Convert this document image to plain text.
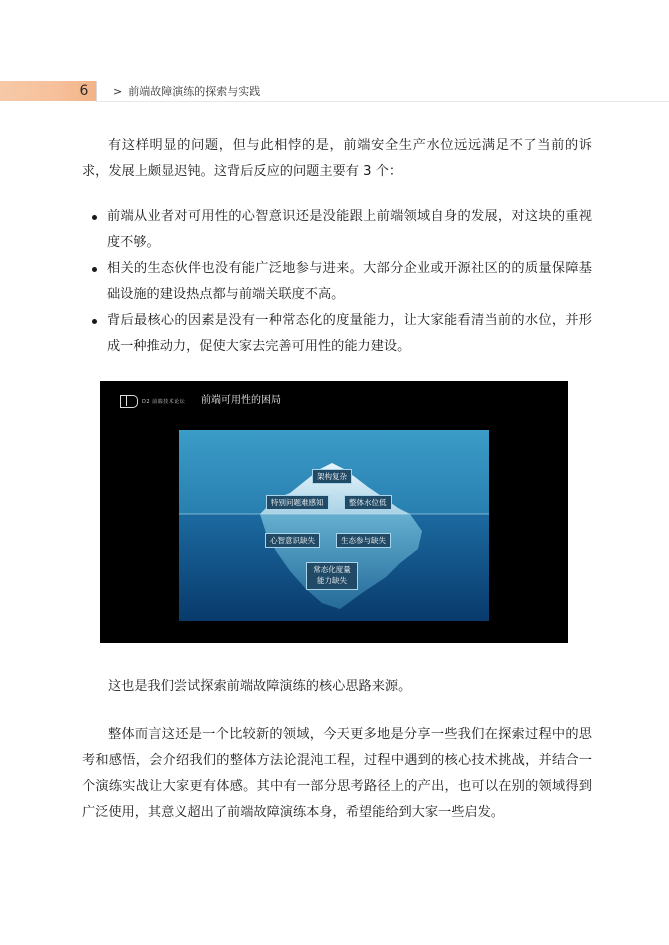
6	> 前端故障演练的探索与实践
有这样明显的问题，但与此相悖的是，前端安全生产水位远远满足不了当前的诉求，发展上颇显迟钝。这背后反应的问题主要有 3 个：
前端从业者对可用性的心智意识还是没能跟上前端领域自身的发展，对这块的重视度不够。
相关的生态伙伴也没有能广泛地参与进来。大部分企业或开源社区的的质量保障基础设施的建设热点都与前端关联度不高。
背后最核心的因素是没有一种常态化的度量能力，让大家能看清当前的水位，并形成一种推动力，促使大家去完善可用性的能力建设。
D2 前端技术论坛 前端可用性的困局
架构复杂
特别问题难感知	整体水位低
心智意识缺失	生态参与缺失
常态化度量能力缺失
这也是我们尝试探索前端故障演练的核心思路来源。
整体而言这还是一个比较新的领域，今天更多地是分享一些我们在探索过程中的思考和感悟，会介绍我们的整体方法论混沌工程，过程中遇到的核心技术挑战，并结合一个演练实战让大家更有体感。其中有一部分思考路径上的产出，也可以在别的领域得到广泛使用，其意义超出了前端故障演练本身，希望能给到大家一些启发。
